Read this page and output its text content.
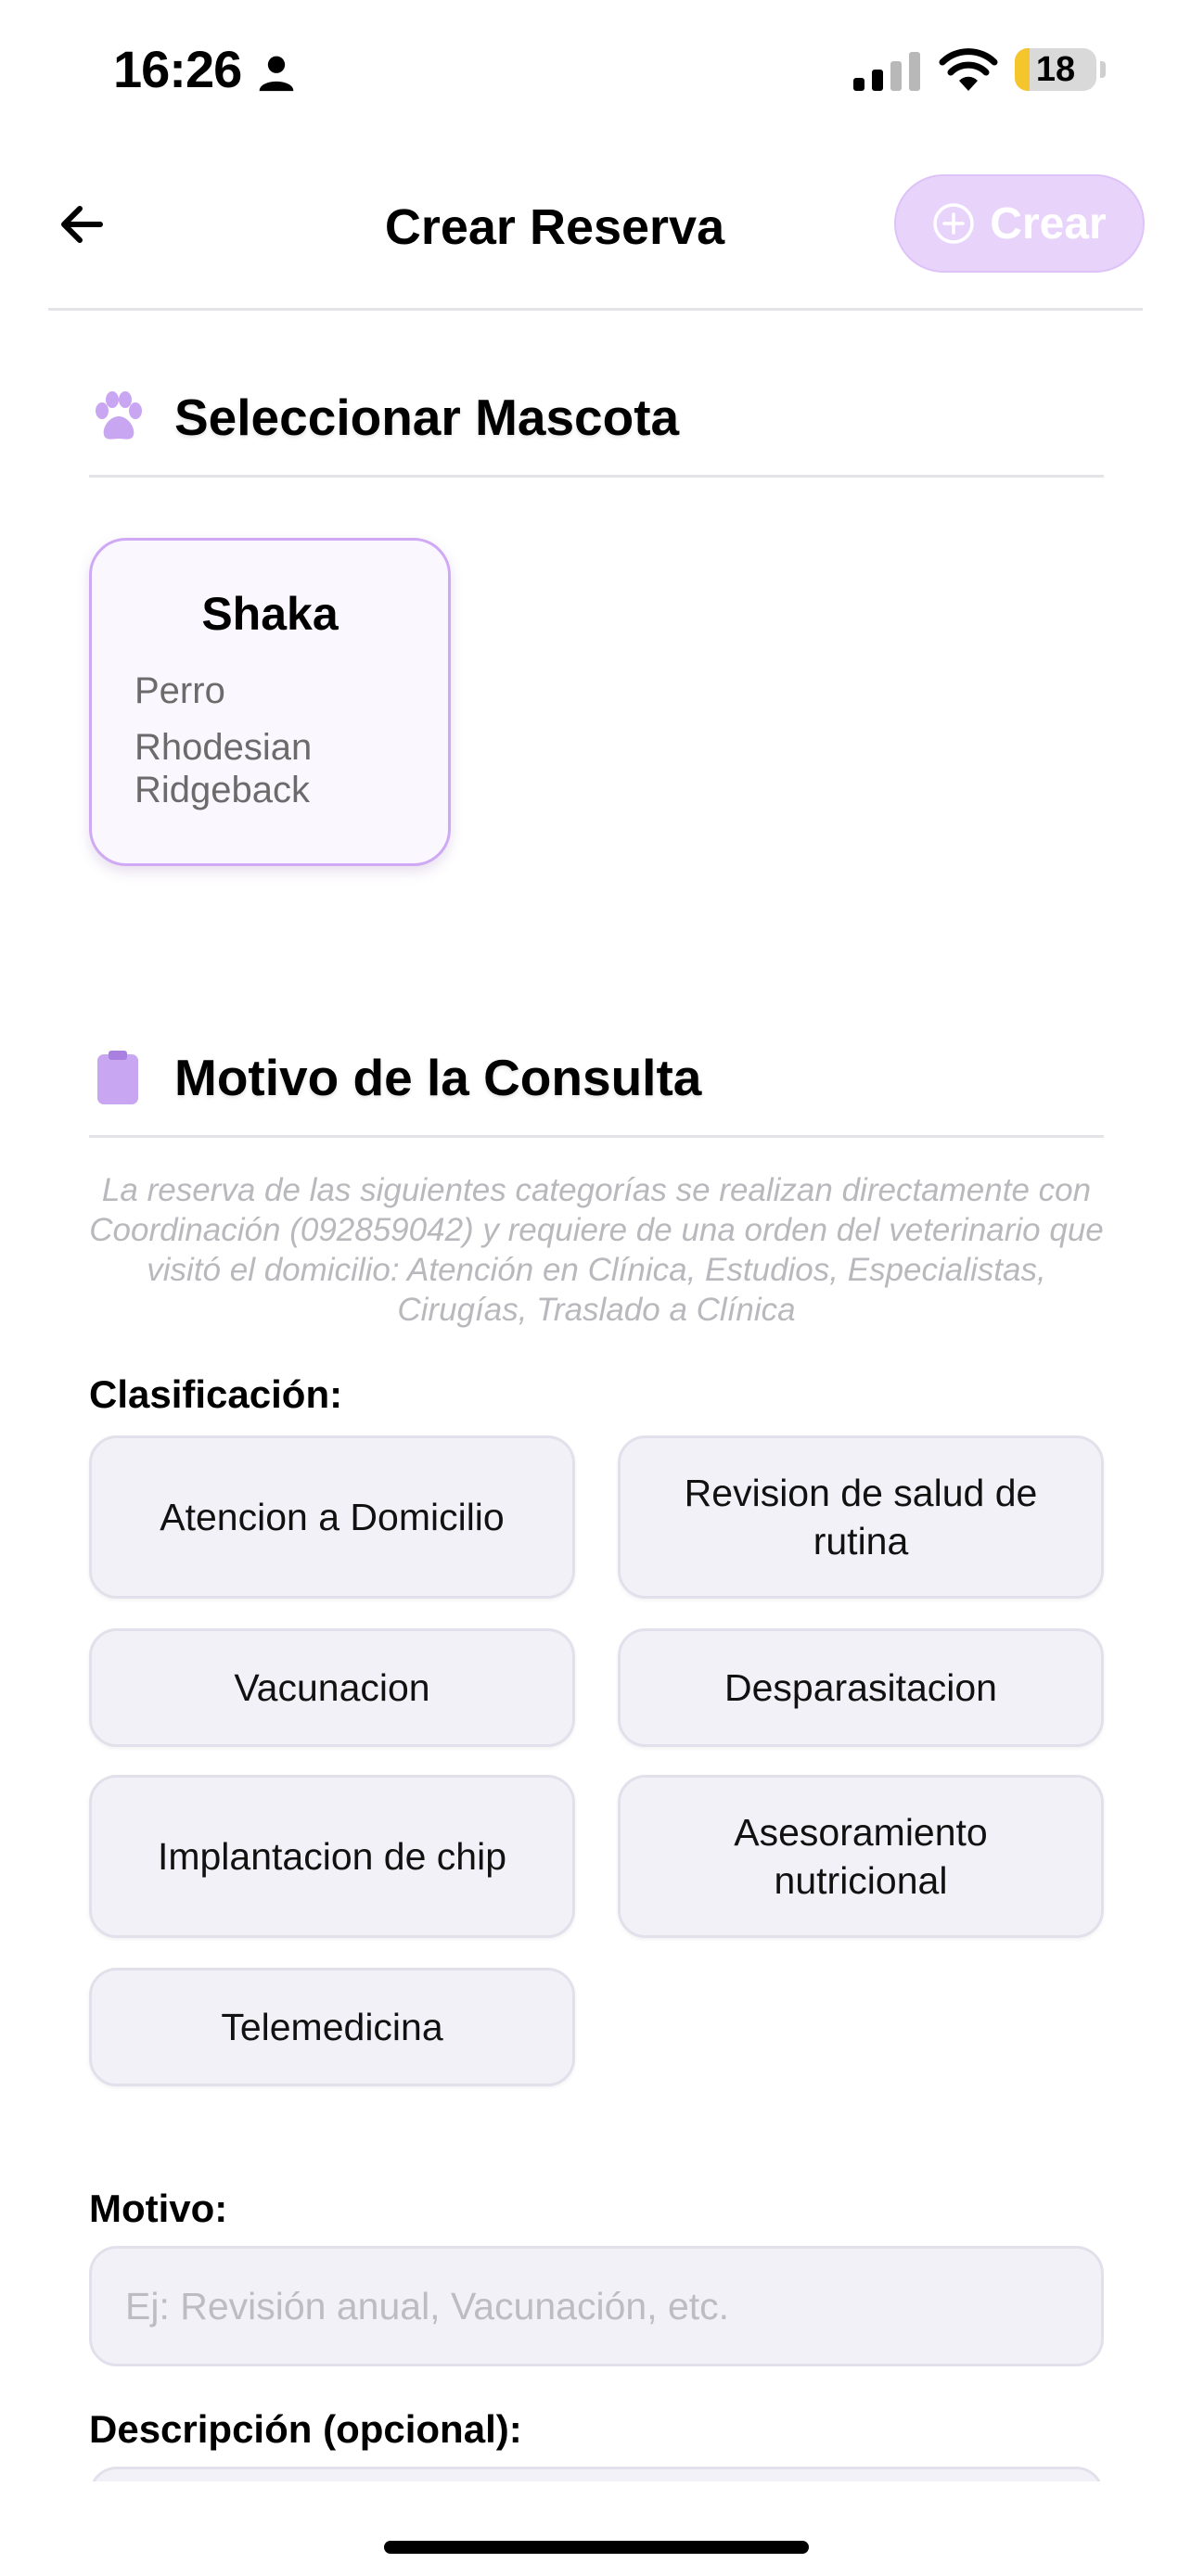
16:26	18
Crear Reserva	Crear
Seleccionar Mascota
Shaka
Perro
Rhodesian Ridgeback
Motivo de la Consulta
La reserva de las siguientes categorías se realizan directamente con Coordinación (092859042) y requiere de una orden del veterinario que visitó el domicilio: Atención en Clínica, Estudios, Especialistas, Cirugías, Traslado a Clínica
Clasificación:
Atencion a Domicilio
Revision de salud de rutina
Vacunacion	Desparasitacion
Implantacion de chip
Asesoramiento nutricional
Telemedicina
Motivo:
Ej: Revisión anual, Vacunación, etc.
Descripción (opcional):
